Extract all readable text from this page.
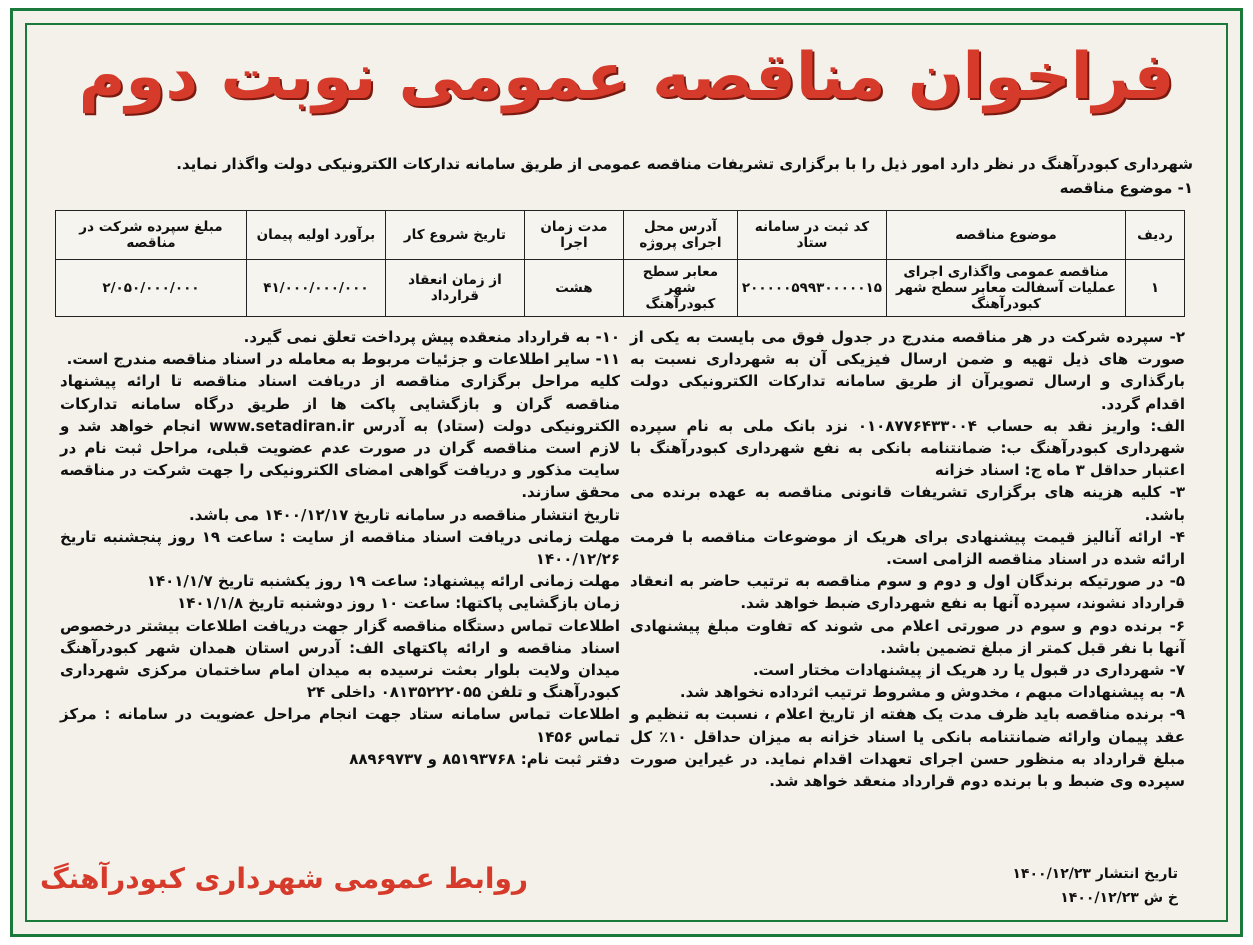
فراخوان مناقصه عمومی نوبت دوم
شهرداری کبودرآهنگ در نظر دارد امور ذیل را با برگزاری تشریفات مناقصه عمومی از طریق سامانه تدارکات الکترونیکی دولت واگذار نماید.
۱- موضوع مناقصه
ردیف	موضوع مناقصه	کد ثبت در سامانه ستاد	آدرس محل اجرای پروژه	مدت زمان اجرا	تاریخ شروع کار	برآورد اولیه پیمان	مبلغ سپرده شرکت در مناقصه
۱	مناقصه عمومی واگذاری اجرای عملیات آسفالت معابر سطح شهر کبودرآهنگ	۲۰۰۰۰۰۵۹۹۳۰۰۰۰۰۱۵	معابر سطح شهر کبودرآهنگ	هشت	از زمان انعقاد قرارداد	۴۱/۰۰۰/۰۰۰/۰۰۰	۲/۰۵۰/۰۰۰/۰۰۰

۲- سپرده شرکت در هر مناقصه مندرج در جدول فوق می بایست به یکی از صورت های ذیل تهیه و ضمن ارسال فیزیکی آن به شهرداری نسبت به بارگذاری و ارسال تصویرآن از طریق سامانه تدارکات الکترونیکی دولت اقدام گردد.

الف: واریز نقد به حساب ۰۱۰۸۷۷۶۴۳۳۰۰۴ نزد بانک ملی به نام سپرده شهرداری کبودرآهنگ ب: ضمانتنامه بانکی به نفع شهرداری کبودرآهنگ با اعتبار حداقل ۳ ماه ج: اسناد خزانه

۳- کلیه هزینه های برگزاری تشریفات قانونی مناقصه به عهده برنده می باشد.

۴- ارائه آنالیز قیمت پیشنهادی برای هریک از موضوعات مناقصه با فرمت ارائه شده در اسناد مناقصه الزامی است.

۵- در صورتیکه برندگان اول و دوم و سوم مناقصه به ترتیب حاضر به انعقاد قرارداد نشوند، سپرده آنها به نفع شهرداری ضبط خواهد شد.

۶- برنده دوم و سوم در صورتی اعلام می شوند که تفاوت مبلغ پیشنهادی آنها با نفر قبل کمتر از مبلغ تضمین باشد.

۷- شهرداری در قبول یا رد هریک از پیشنهادات مختار است.

۸- به پیشنهادات مبهم ، مخدوش و مشروط ترتیب اثرداده نخواهد شد.

۹- برنده مناقصه باید ظرف مدت یک هفته از تاریخ اعلام ، نسبت به تنظیم و عقد پیمان وارائه ضمانتنامه بانکی یا اسناد خزانه به میزان حداقل ۱۰٪ کل مبلغ قرارداد به منظور حسن اجرای تعهدات اقدام نماید. در غیراین صورت سپرده وی ضبط و با برنده دوم قرارداد منعقد خواهد شد.

۱۰- به قرارداد منعقده پیش پرداخت تعلق نمی گیرد.

۱۱- سایر اطلاعات و جزئیات مربوط به معامله در اسناد مناقصه مندرج است.

کلیه مراحل برگزاری مناقصه از دریافت اسناد مناقصه تا ارائه پیشنهاد مناقصه گران و بازگشایی پاکت ها از طریق درگاه سامانه تدارکات الکترونیکی دولت (ستاد) به آدرس www.setadiran.ir انجام خواهد شد و لازم است مناقصه گران در صورت عدم عضویت قبلی، مراحل ثبت نام در سایت مذکور و دریافت گواهی امضای الکترونیکی را جهت شرکت در مناقصه محقق سازند.

تاریخ انتشار مناقصه در سامانه تاریخ ۱۴۰۰/۱۲/۱۷ می باشد.

مهلت زمانی دریافت اسناد مناقصه از سایت : ساعت ۱۹ روز پنجشنبه تاریخ ۱۴۰۰/۱۲/۲۶

مهلت زمانی ارائه پیشنهاد: ساعت ۱۹ روز یکشنبه تاریخ ۱۴۰۱/۱/۷

زمان بازگشایی پاکتها: ساعت ۱۰ روز دوشنبه تاریخ ۱۴۰۱/۱/۸

اطلاعات تماس دستگاه مناقصه گزار جهت دریافت اطلاعات بیشتر درخصوص اسناد مناقصه و ارائه پاکتهای الف: آدرس استان همدان شهر کبودرآهنگ میدان ولایت بلوار بعثت نرسیده به میدان امام ساختمان مرکزی شهرداری کبودرآهنگ و تلفن ۰۸۱۳۵۲۲۲۰۵۵ داخلی ۲۴

اطلاعات تماس سامانه ستاد جهت انجام مراحل عضویت در سامانه : مرکز تماس ۱۴۵۶

دفتر ثبت نام: ۸۵۱۹۳۷۶۸ و ۸۸۹۶۹۷۳۷

تاریخ انتشار ۱۴۰۰/۱۲/۲۳
خ ش ۱۴۰۰/۱۲/۲۳
روابط عمومی شهرداری کبودرآهنگ
